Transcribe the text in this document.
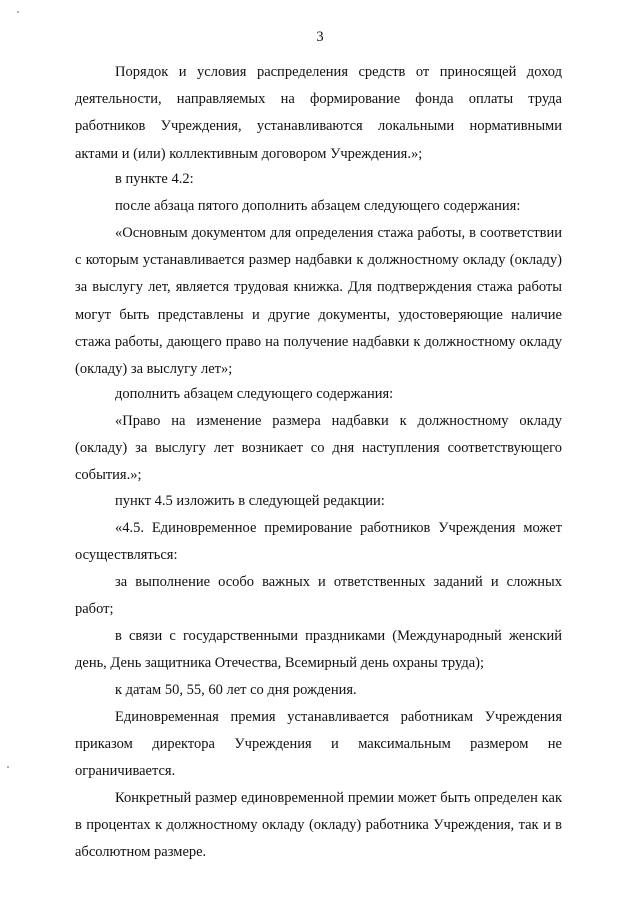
3

Порядок и условия распределения средств от приносящей доход деятельности, направляемых на формирование фонда оплаты труда работников Учреждения, устанавливаются локальными нормативными актами и (или) коллективным договором Учреждения.»;

в пункте 4.2:

после абзаца пятого дополнить абзацем следующего содержания:

«Основным документом для определения стажа работы, в соответствии с которым устанавливается размер надбавки к должностному окладу (окладу) за выслугу лет, является трудовая книжка. Для подтверждения стажа работы могут быть представлены и другие документы, удостоверяющие наличие стажа работы, дающего право на получение надбавки к должностному окладу (окладу) за выслугу лет»;

дополнить абзацем следующего содержания:

«Право на изменение размера надбавки к должностному окладу (окладу) за выслугу лет возникает со дня наступления соответствующего события.»;

пункт 4.5 изложить в следующей редакции:

«4.5. Единовременное премирование работников Учреждения может осуществляться:

за выполнение особо важных и ответственных заданий и сложных работ;

в связи с государственными праздниками (Международный женский день, День защитника Отечества, Всемирный день охраны труда);

к датам 50, 55, 60 лет со дня рождения.

Единовременная премия устанавливается работникам Учреждения приказом директора Учреждения и максимальным размером не ограничивается.

Конкретный размер единовременной премии может быть определен как в процентах к должностному окладу (окладу) работника Учреждения, так и в абсолютном размере.
